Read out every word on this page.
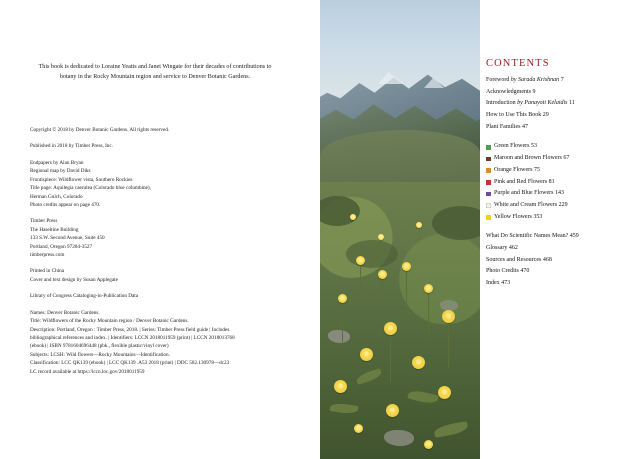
This book is dedicated to Loraine Yeatts and Janet Wingate for their decades of contributions to botany in the Rocky Mountain region and service to Denver Botanic Gardens.

Copyright © 2018 by Denver Botanic Gardens. All rights reserved.

Published in 2018 by Timber Press, Inc.

Endpapers by Alan Bryan
Regional map by David Diks
Frontispiece: Wildflower vista, Southern Rockies
Title page: Aquilegia caerulea (Colorado blue columbine),
Herman Gulch, Colorado
Photo credits appear on page 470.

Timber Press
The Haseltine Building
133 S.W. Second Avenue, Suite 450
Portland, Oregon 97204-3527
timberpress.com

Printed in China
Cover and text design by Susan Applegate

Library of Congress Cataloging-in-Publication Data

Names: Denver Botanic Gardens.
Title: Wildflowers of the Rocky Mountain region / Denver Botanic Gardens.
Description: Portland, Oregon : Timber Press, 2018. | Series: Timber Press field guide | Includes
bibliographical references and index. | Identifiers: LCCN 2018011959 (print) | LCCN 2018013768
(ebook) | ISBN 9781604696448 (pbk., flexible plastic/vinyl cover)
Subjects: LCSH: Wild flowers—Rocky Mountains—Identification.
Classification: LCC QK139 (ebook) | LCC QK139 .A53 2018 (print) | DDC 582.130978—dc23
LC record available at https://lccn.loc.gov/2018011959

CONTENTS
Foreword by Sarada Krishnan 7
Acknowledgments 9
Introduction by Panayoti Kelaidis 11
How to Use This Book 29
Plant Families 47
Green Flowers 53
Maroon and Brown Flowers 67
Orange Flowers 75
Pink and Red Flowers 81
Purple and Blue Flowers 143
White and Cream Flowers 229
Yellow Flowers 353
What Do Scientific Names Mean? 459
Glossary 462
Sources and Resources 468
Photo Credits 470
Index 473
